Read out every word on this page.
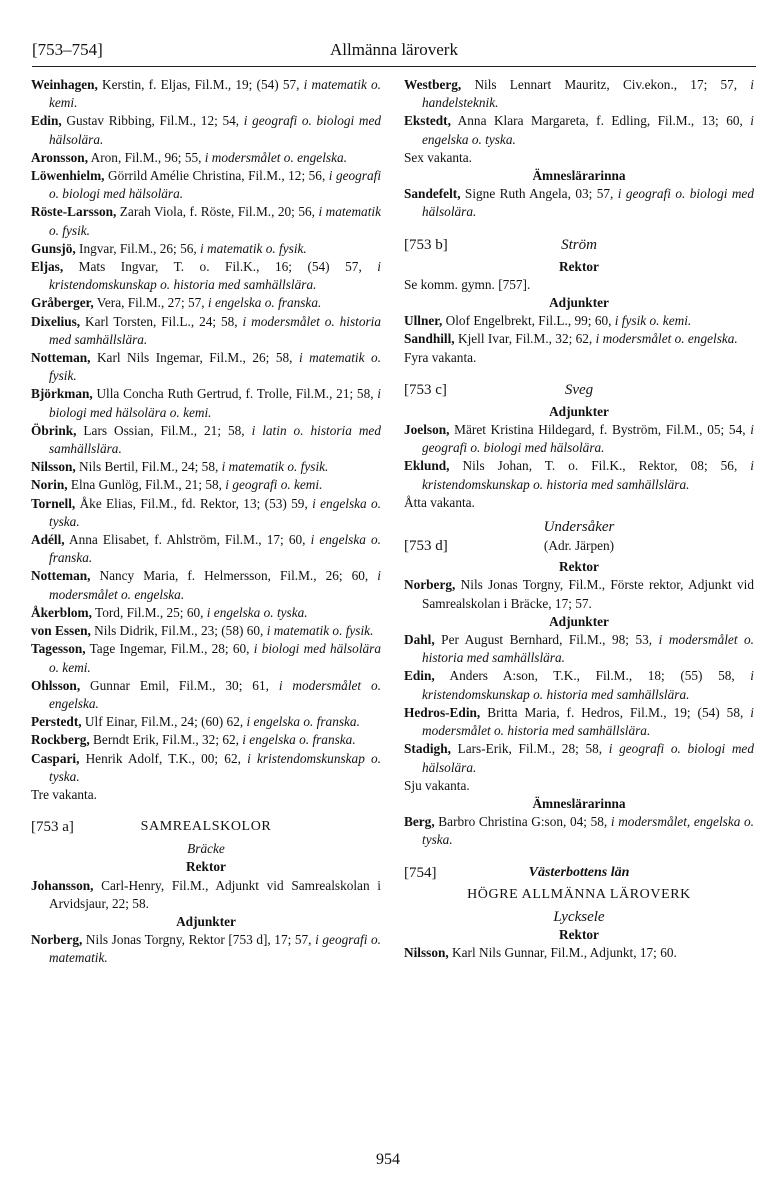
[753–754]	Allmänna läroverk
Weinhagen, Kerstin, f. Eljas, Fil.M., 19; (54) 57, i matematik o. kemi.
Edin, Gustav Ribbing, Fil.M., 12; 54, i geografi o. biologi med hälsolära.
Aronsson, Aron, Fil.M., 96; 55, i modersmålet o. engelska.
Löwenhielm, Görrild Amélie Christina, Fil.M., 12; 56, i geografi o. biologi med hälsolära.
Röste-Larsson, Zarah Viola, f. Röste, Fil.M., 20; 56, i matematik o. fysik.
Gunsjö, Ingvar, Fil.M., 26; 56, i matematik o. fysik.
Eljas, Mats Ingvar, T. o. Fil.K., 16; (54) 57, i kristendomskunskap o. historia med samhällslära.
Gråberger, Vera, Fil.M., 27; 57, i engelska o. franska.
Dixelius, Karl Torsten, Fil.L., 24; 58, i modersmålet o. historia med samhällslära.
Notteman, Karl Nils Ingemar, Fil.M., 26; 58, i matematik o. fysik.
Björkman, Ulla Concha Ruth Gertrud, f. Trolle, Fil.M., 21; 58, i biologi med hälsolära o. kemi.
Öbrink, Lars Ossian, Fil.M., 21; 58, i latin o. historia med samhällslära.
Nilsson, Nils Bertil, Fil.M., 24; 58, i matematik o. fysik.
Norin, Elna Gunlög, Fil.M., 21; 58, i geografi o. kemi.
Tornell, Åke Elias, Fil.M., fd. Rektor, 13; (53) 59, i engelska o. tyska.
Adéll, Anna Elisabet, f. Ahlström, Fil.M., 17; 60, i engelska o. franska.
Notteman, Nancy Maria, f. Helmersson, Fil.M., 26; 60, i modersmålet o. engelska.
Åkerblom, Tord, Fil.M., 25; 60, i engelska o. tyska.
von Essen, Nils Didrik, Fil.M., 23; (58) 60, i matematik o. fysik.
Tagesson, Tage Ingemar, Fil.M., 28; 60, i biologi med hälsolära o. kemi.
Ohlsson, Gunnar Emil, Fil.M., 30; 61, i modersmålet o. engelska.
Perstedt, Ulf Einar, Fil.M., 24; (60) 62, i engelska o. franska.
Rockberg, Berndt Erik, Fil.M., 32; 62, i engelska o. franska.
Caspari, Henrik Adolf, T.K., 00; 62, i kristendomskunskap o. tyska.
Tre vakanta.
[753 a]	SAMREALSKOLOR
Bräcke
Rektor
Johansson, Carl-Henry, Fil.M., Adjunkt vid Samrealskolan i Arvidsjaur, 22; 58.
Adjunkter
Norberg, Nils Jonas Torgny, Rektor [753 d], 17; 57, i geografi o. matematik.
Westberg, Nils Lennart Mauritz, Civ.ekon., 17; 57, i handelsteknik.
Ekstedt, Anna Klara Margareta, f. Edling, Fil.M., 13; 60, i engelska o. tyska.
Sex vakanta.
Ämneslärarinna
Sandefelt, Signe Ruth Angela, 03; 57, i geografi o. biologi med hälsolära.
[753 b]	Ström
Rektor
Se komm. gymn. [757].
Adjunkter
Ullner, Olof Engelbrekt, Fil.L., 99; 60, i fysik o. kemi.
Sandhill, Kjell Ivar, Fil.M., 32; 62, i modersmålet o. engelska.
Fyra vakanta.
[753 c]	Sveg
Adjunkter
Joelson, Märet Kristina Hildegard, f. Byström, Fil.M., 05; 54, i geografi o. biologi med hälsolära.
Eklund, Nils Johan, T. o. Fil.K., Rektor, 08; 56, i kristendomskunskap o. historia med samhällslära.
Åtta vakanta.
Undersåker
[753 d]	(Adr. Järpen)
Rektor
Norberg, Nils Jonas Torgny, Fil.M., Förste rektor, Adjunkt vid Samrealskolan i Bräcke, 17; 57.
Adjunkter
Dahl, Per August Bernhard, Fil.M., 98; 53, i modersmålet o. historia med samhällslära.
Edin, Anders A:son, T.K., Fil.M., 18; (55) 58, i kristendomskunskap o. historia med samhällslära.
Hedros-Edin, Britta Maria, f. Hedros, Fil.M., 19; (54) 58, i modersmålet o. historia med samhällslära.
Stadigh, Lars-Erik, Fil.M., 28; 58, i geografi o. biologi med hälsolära.
Sju vakanta.
Ämneslärarinna
Berg, Barbro Christina G:son, 04; 58, i modersmålet, engelska o. tyska.
[754]	Västerbottens län
HÖGRE ALLMÄNNA LÄROVERK
Lycksele
Rektor
Nilsson, Karl Nils Gunnar, Fil.M., Adjunkt, 17; 60.
954
